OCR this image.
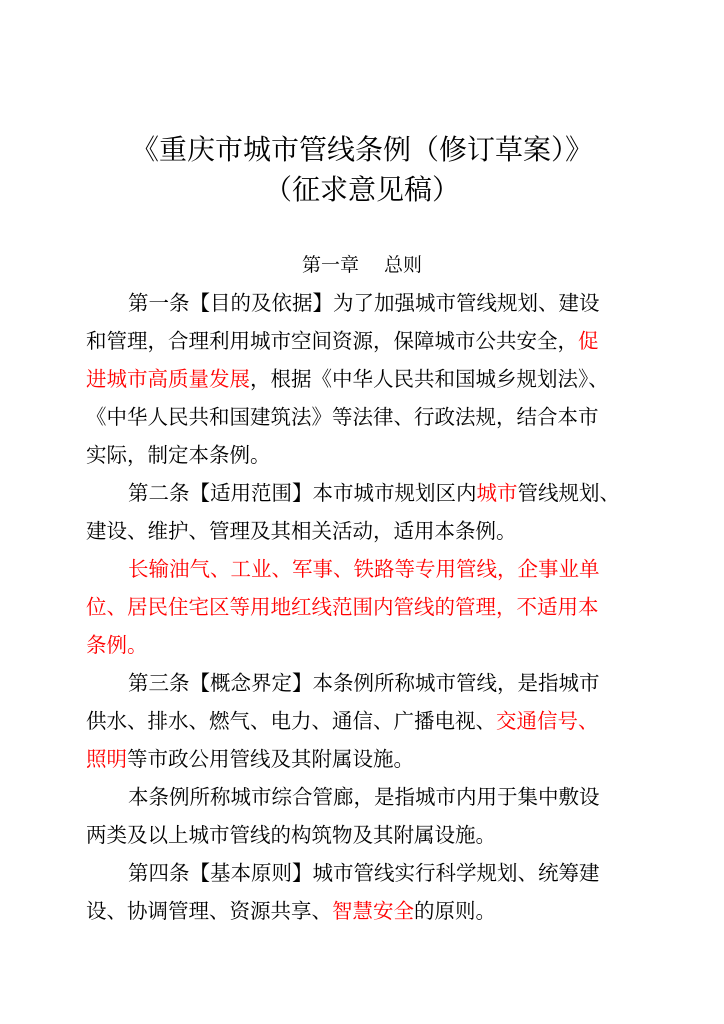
《重庆市城市管线条例（修订草案）》
（征求意见稿）
第一章　 总则
第一条【目的及依据】为了加强城市管线规划、建设
和管理，合理利用城市空间资源，保障城市公共安全，促
进城市高质量发展，根据《中华人民共和国城乡规划法》、
《中华人民共和国建筑法》等法律、行政法规，结合本市
实际，制定本条例。
第二条【适用范围】本市城市规划区内城市管线规划、
建设、维护、管理及其相关活动，适用本条例。
长输油气、工业、军事、铁路等专用管线，企事业单
位、居民住宅区等用地红线范围内管线的管理，不适用本
条例。
第三条【概念界定】本条例所称城市管线，是指城市
供水、排水、燃气、电力、通信、广播电视、交通信号、
照明等市政公用管线及其附属设施。
本条例所称城市综合管廊，是指城市内用于集中敷设
两类及以上城市管线的构筑物及其附属设施。
第四条【基本原则】城市管线实行科学规划、统筹建
设、协调管理、资源共享、智慧安全的原则。
